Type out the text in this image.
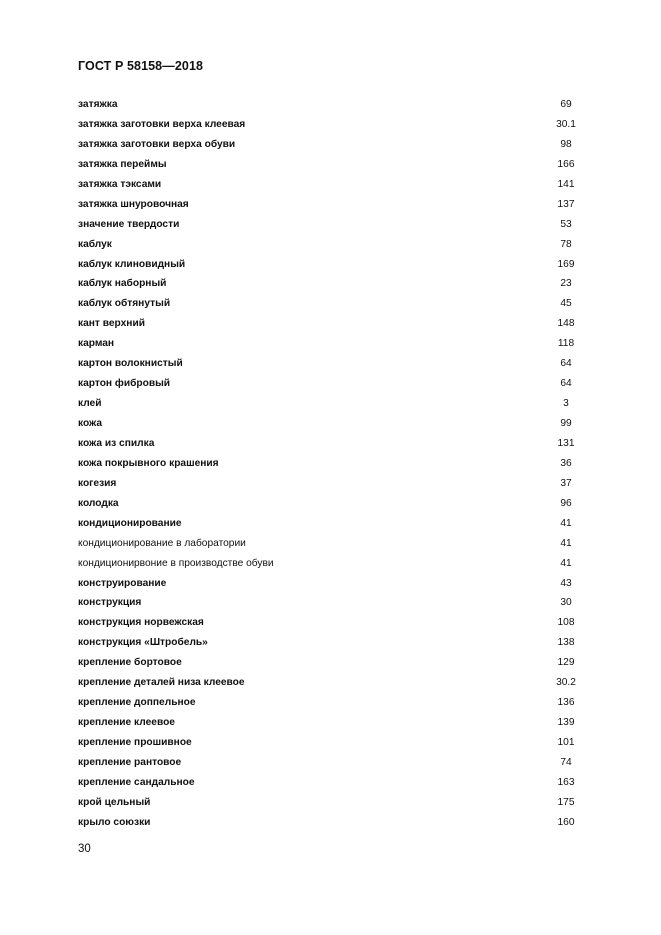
ГОСТ Р 58158—2018
затяжка	69
затяжка заготовки верха клеевая	30.1
затяжка заготовки верха обуви	98
затяжка переймы	166
затяжка тэксами	141
затяжка шнуровочная	137
значение твердости	53
каблук	78
каблук клиновидный	169
каблук наборный	23
каблук обтянутый	45
кант верхний	148
карман	118
картон волокнистый	64
картон фибровый	64
клей	3
кожа	99
кожа из спилка	131
кожа покрывного крашения	36
когезия	37
колодка	96
кондиционирование	41
кондиционирование в лаборатории	41
кондиционирвоние в производстве обуви	41
конструирование	43
конструкция	30
конструкция норвежская	108
конструкция «Штробель»	138
крепление бортовое	129
крепление деталей низа клеевое	30.2
крепление доппельное	136
крепление клеевое	139
крепление прошивное	101
крепление рантовое	74
крепление сандальное	163
крой цельный	175
крыло союзки	160
30
